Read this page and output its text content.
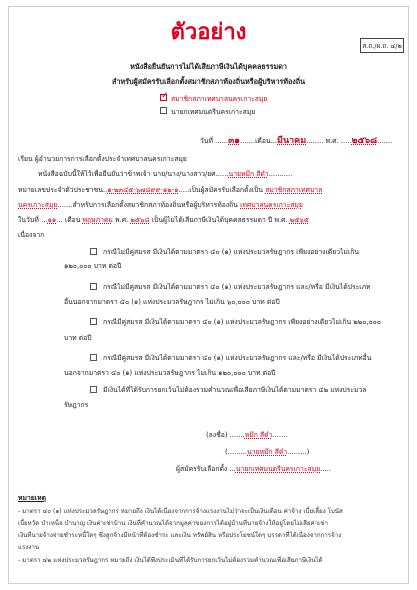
ตัวอย่าง
ส.ถ./ผ.ถ. ๔/๒
หนังสือยืนยันการไม่ได้เสียภาษีเงินได้บุคคลธรรมดา
สำหรับผู้สมัครรับเลือกตั้งสมาชิกสภาท้องถิ่นหรือผู้บริหารท้องถิ่น
✓
สมาชิกสภาเทศบาลนครเกาะสมุย
นายกเทศมนตรีนครเกาะสมุย
วันที่ ......๓๑.......เดือน...มีนาคม........ พ.ศ. .....๒๕๖๘.......
เรียน ผู้อำนวยการการเลือกตั้งประจำเทศบาลนครเกาะสมุย
หนังสือฉบับนี้ให้ไว้เพื่อยืนยันว่าข้าพเจ้า นาย/นาง/นางสาว/ยศ......นายหมึก สีดำ...........
หมายเลขประจำตัวประชาชน..๑-๒๓๔๕-๖๗๘๙๙-๑๒-๑.....เป็นผู้สมัครรับเลือกตั้งเป็น สมาชิกสภาเทศบาล
นครเกาะสมุย.......สำหรับการเลือกตั้งสมาชิกสภาท้องถิ่นหรือผู้บริหารท้องถิ่น เทศบาลนครเกาะสมุย
ในวันที่ ...๑๑... เดือน พฤษภาคม พ.ศ. ๒๕๖๘ เป็นผู้ไม่ได้เสียภาษีเงินได้บุคคลธรรมดา ปี พ.ศ. ๒๕๖๕
เนื่องจาก
กรณีไม่มีคู่สมรส มีเงินได้ตามมาตรา ๔๐ (๑) แห่งประมวลรัษฎากร เพียงอย่างเดียวไม่เกิน
๑๒๐,๐๐๐ บาท ต่อปี
กรณีไม่มีคู่สมรส มีเงินได้ตามมาตรา ๔๐ (๑) แห่งประมวลรัษฎากร และ/หรือ มีเงินได้ประเภท
อื่นนอกจากมาตรา ๔๐ (๑) แห่งประมวลรัษฎากร ไม่เกิน ๖๐,๐๐๐ บาท ต่อปี
กรณีมีคู่สมรส มีเงินได้ตามมาตรา ๔๐ (๑) แห่งประมวลรัษฎากร เพียงอย่างเดียวไม่เกิน ๒๒๐,๐๐๐
บาท ต่อปี
กรณีมีคู่สมรส มีเงินได้ตามมาตรา ๔๐ (๑) แห่งประมวลรัษฎากร และ/หรือ มีเงินได้ประเภทอื่น
นอกจากมาตรา ๔๐ (๑) แห่งประมวลรัษฎากร ไม่เกิน ๑๒๐,๐๐๐ บาท ต่อปี
มีเงินได้ที่ได้รับการยกเว้นไม่ต้องรวมคำนวณเพื่อเสียภาษีเงินได้ตามมาตรา ๔๒ แห่งประมวล
รัษฎากร
(ลงชื่อ) .......หมึก สีดำ.......
(.........นายหมึก สีดำ.........)
ผู้สมัครรับเลือกตั้ง ...นายกเทศมนตรีนครเกาะสมุย.....
หมายเหตุ
- มาตรา ๔๐ (๑) แห่งประมวลรัษฎากร หมายถึง เงินได้เนื่องจากการจ้างแรงงานไม่ว่าจะเป็นเงินเดือน ค่าจ้าง เบี้ยเลี้ยง โบนัส
เบี้ยหวัด บำเหน็จ บำนาญ เงินค่าเช่าบ้าน เงินที่คำนวณได้จากมูลค่าของการได้อยู่บ้านที่นายจ้างให้อยู่โดยไม่เสียค่าเช่า
เงินที่นายจ้างจ่ายชำระหนี้ใดๆ ซึ่งลูกจ้างมีหน้าที่ต้องชำระ และเงิน ทรัพย์สิน หรือประโยชน์ใดๆ บรรดาที่ได้เนื่องจากการจ้าง
แรงงาน
- มาตรา ๔๒ แห่งประมวลรัษฎากร หมายถึง เงินได้พึงประเมินที่ได้รับการยกเว้นไม่ต้องรวมคำนวณเพื่อเสียภาษีเงินได้
